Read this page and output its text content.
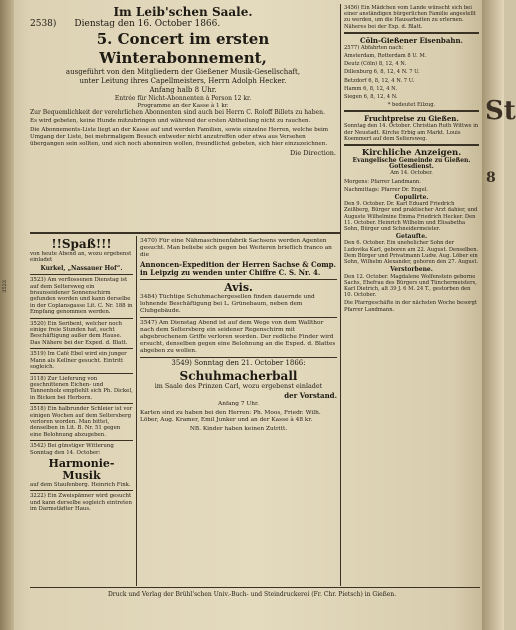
St
8
Im Leib'schen Saale.
2538) Dienstag den 16. October 1866.
5. Concert im ersten Winterabonnement,
ausgeführt von den Mitgliedern der Gießener Musik-Gesellschaft,
unter Leitung ihres Capellmeisters, Herrn Adolph Hecker.
Anfang halb 8 Uhr.
Entrée für Nicht-Abonnenten à Person 12 kr.
Programme an der Kasse à 1 kr.

Zur Bequemlichkeit der verehrlichen Abonnenten sind auch bei Herrn C. Roloff Billets zu haben.

Es wird gebeten, keine Hunde mitzubringen und während der ersten Abtheilung nicht zu rauchen.

Die Abonnements-Liste liegt an der Kasse auf und werden Familien, sowie einzelne Herren, welche beim Umgang der Liste, bei mehrmaligem Besuch entweder nicht anzutreffen oder etwa aus Versehen übergangen sein sollten, und sich noch abonniren wollen, freundlichst gebeten, sich hier einzuzeichnen.

Die Direction.
3523
!!Spaß!!!

von heute Abend an, wozu ergebenst einladet

Kurkel, „Nassauer Hof“.

3523) Am verflossenen Dienstag ist auf dem Seltersweg ein braunseidener Sonnenschirm gefunden worden und kann derselbe in der Coplansgasse Lit. C. Nr. 188 in Empfang genommen werden.

3520) Ein Seribent, welcher noch einige freie Stunden hat, sucht Beschäftigung außer dem Hause. Das Nähere bei der Exped. d. Blatt.

3519) Im Café Ebel wird ein junger Mann als Kellner gesucht. Eintritt sogleich.

3118) Zur Lieferung von geschnittenen Eichen- und Tannenholz empfiehlt sich Ph. Dickel, in Bicken bei Herborn.

3518) Ein halbrunder Schleier ist vor einigen Wochen auf dem Seltersberg verloren worden. Man bittet, denselben in Lit. B. Nr. 51 gegen eine Belohnung abzugeben.

3542) Bei günstiger Witterung Sonntag den 14. October:

Harmonie-Musik

auf dem Staufenberg. Heinrich Fink.

3222) Ein Zweispänner wird gesucht und kann derselbe sogleich eintreten im Darmstädter Haus.

3470) Für eine Nähmaschinenfabrik Sachsens werden Agenten gesucht. Man beliebe sich gegen bei Weiteren brieflich franco an die

Annoncen-Expedition der Herren Sachse & Comp. in Leipzig zu wenden unter Chiffre C. S. Nr. 4.

Avis.

3484) Tüchtige Schuhmachergesellen finden dauernde und lohnende Beschäftigung bei L. Grünebaum, neben dem Clubgebäude.

3547) Am Dienstag Abend ist auf dem Wege von dem Wallthor nach dem Seltersberg ein seidener Regenschirm mit abgebrochenem Griffe verloren worden. Der redliche Finder wird ersucht, denselben gegen eine Belohnung an die Exped. d. Blattes abgeben zu wollen.

3549) Sonntag den 21. October 1866:

Schuhmacherball

im Saale des Prinzen Carl, wozu ergebenst einladet

der Vorstand.

Anfang 7 Uhr.

Karten sind zu haben bei den Herren: Ph. Moos, Friedr. Wilh. Löber, Aug. Kramer, Emil Junker und an der Kasse à 48 kr.

NB. Kinder haben keinen Zutritt.

3456) Ein Mädchen vom Lande wünscht sich bei einer anständigen bürgerlichen Familie angestellt zu werden, um die Hausarbeiten zu erlernen. Näheres bei der Exp. d. Blatt.

Cöln-Gießener Eisenbahn.

2577) Abfahrten nach:

Amsterdam, Rotterdam 8 U. M.

Deutz (Cöln) 8, 12, 4 N.

Dillenburg 6, 8, 12, 4 N. 7 U.

Betzdorf 6, 8, 12, 4 N. 7 U.

Hamm 6, 8, 12, 4 N.

Siegen 6, 8, 12, 4 N.

* bedeutet Eilzug.

Fruchtpreise zu Gießen.

Sonntag den 14. October. Christian Ruth Wittwe in der Neustadt. Kirche Erbig am Markt. Louis Koemmert auf dem Seltersweg.

Kirchliche Anzeigen.
Evangelische Gemeinde zu Gießen.
Gottesdienst.

Am 14. October.

Morgens: Pfarrer Landmann.

Nachmittags: Pfarrer Dr. Engel.

Copulirte.

Den 9. October. Dr. Karl Eduard Friedrich Zeißberg, Bürger und praktischer Arzt dahier, und Auguste Wilhelmine Emma Friedrich Hecker. Den 11. October. Heinrich Wilhelm und Elisabetha Sohn, Bürger und Schneidermeister.

Getaufte.

Den 6. October. Ein unehelicher Sohn der Ludovika Karl, geboren am 22. August. Denselben. Dem Bürger und Privatmann Ludw. Aug. Löber ein Sohn, Wilhelm Alexander, geboren den 27. August.

Verstorbene.

Den 12. October. Magdalene Wolfenstein geborne Sachs, Ehefrau des Bürgers und Tünchermeisters, Karl Dietrich, alt 39 J. 6 M. 24 T., gestorben den 10. October.

Die Pfarrgeschäfte in der nächsten Woche besorgt Pfarrer Landmann.

Druck und Verlag der Brühl'schen Univ.-Buch- und Steindruckerei (Fr. Chr. Pietsch) in Gießen.
